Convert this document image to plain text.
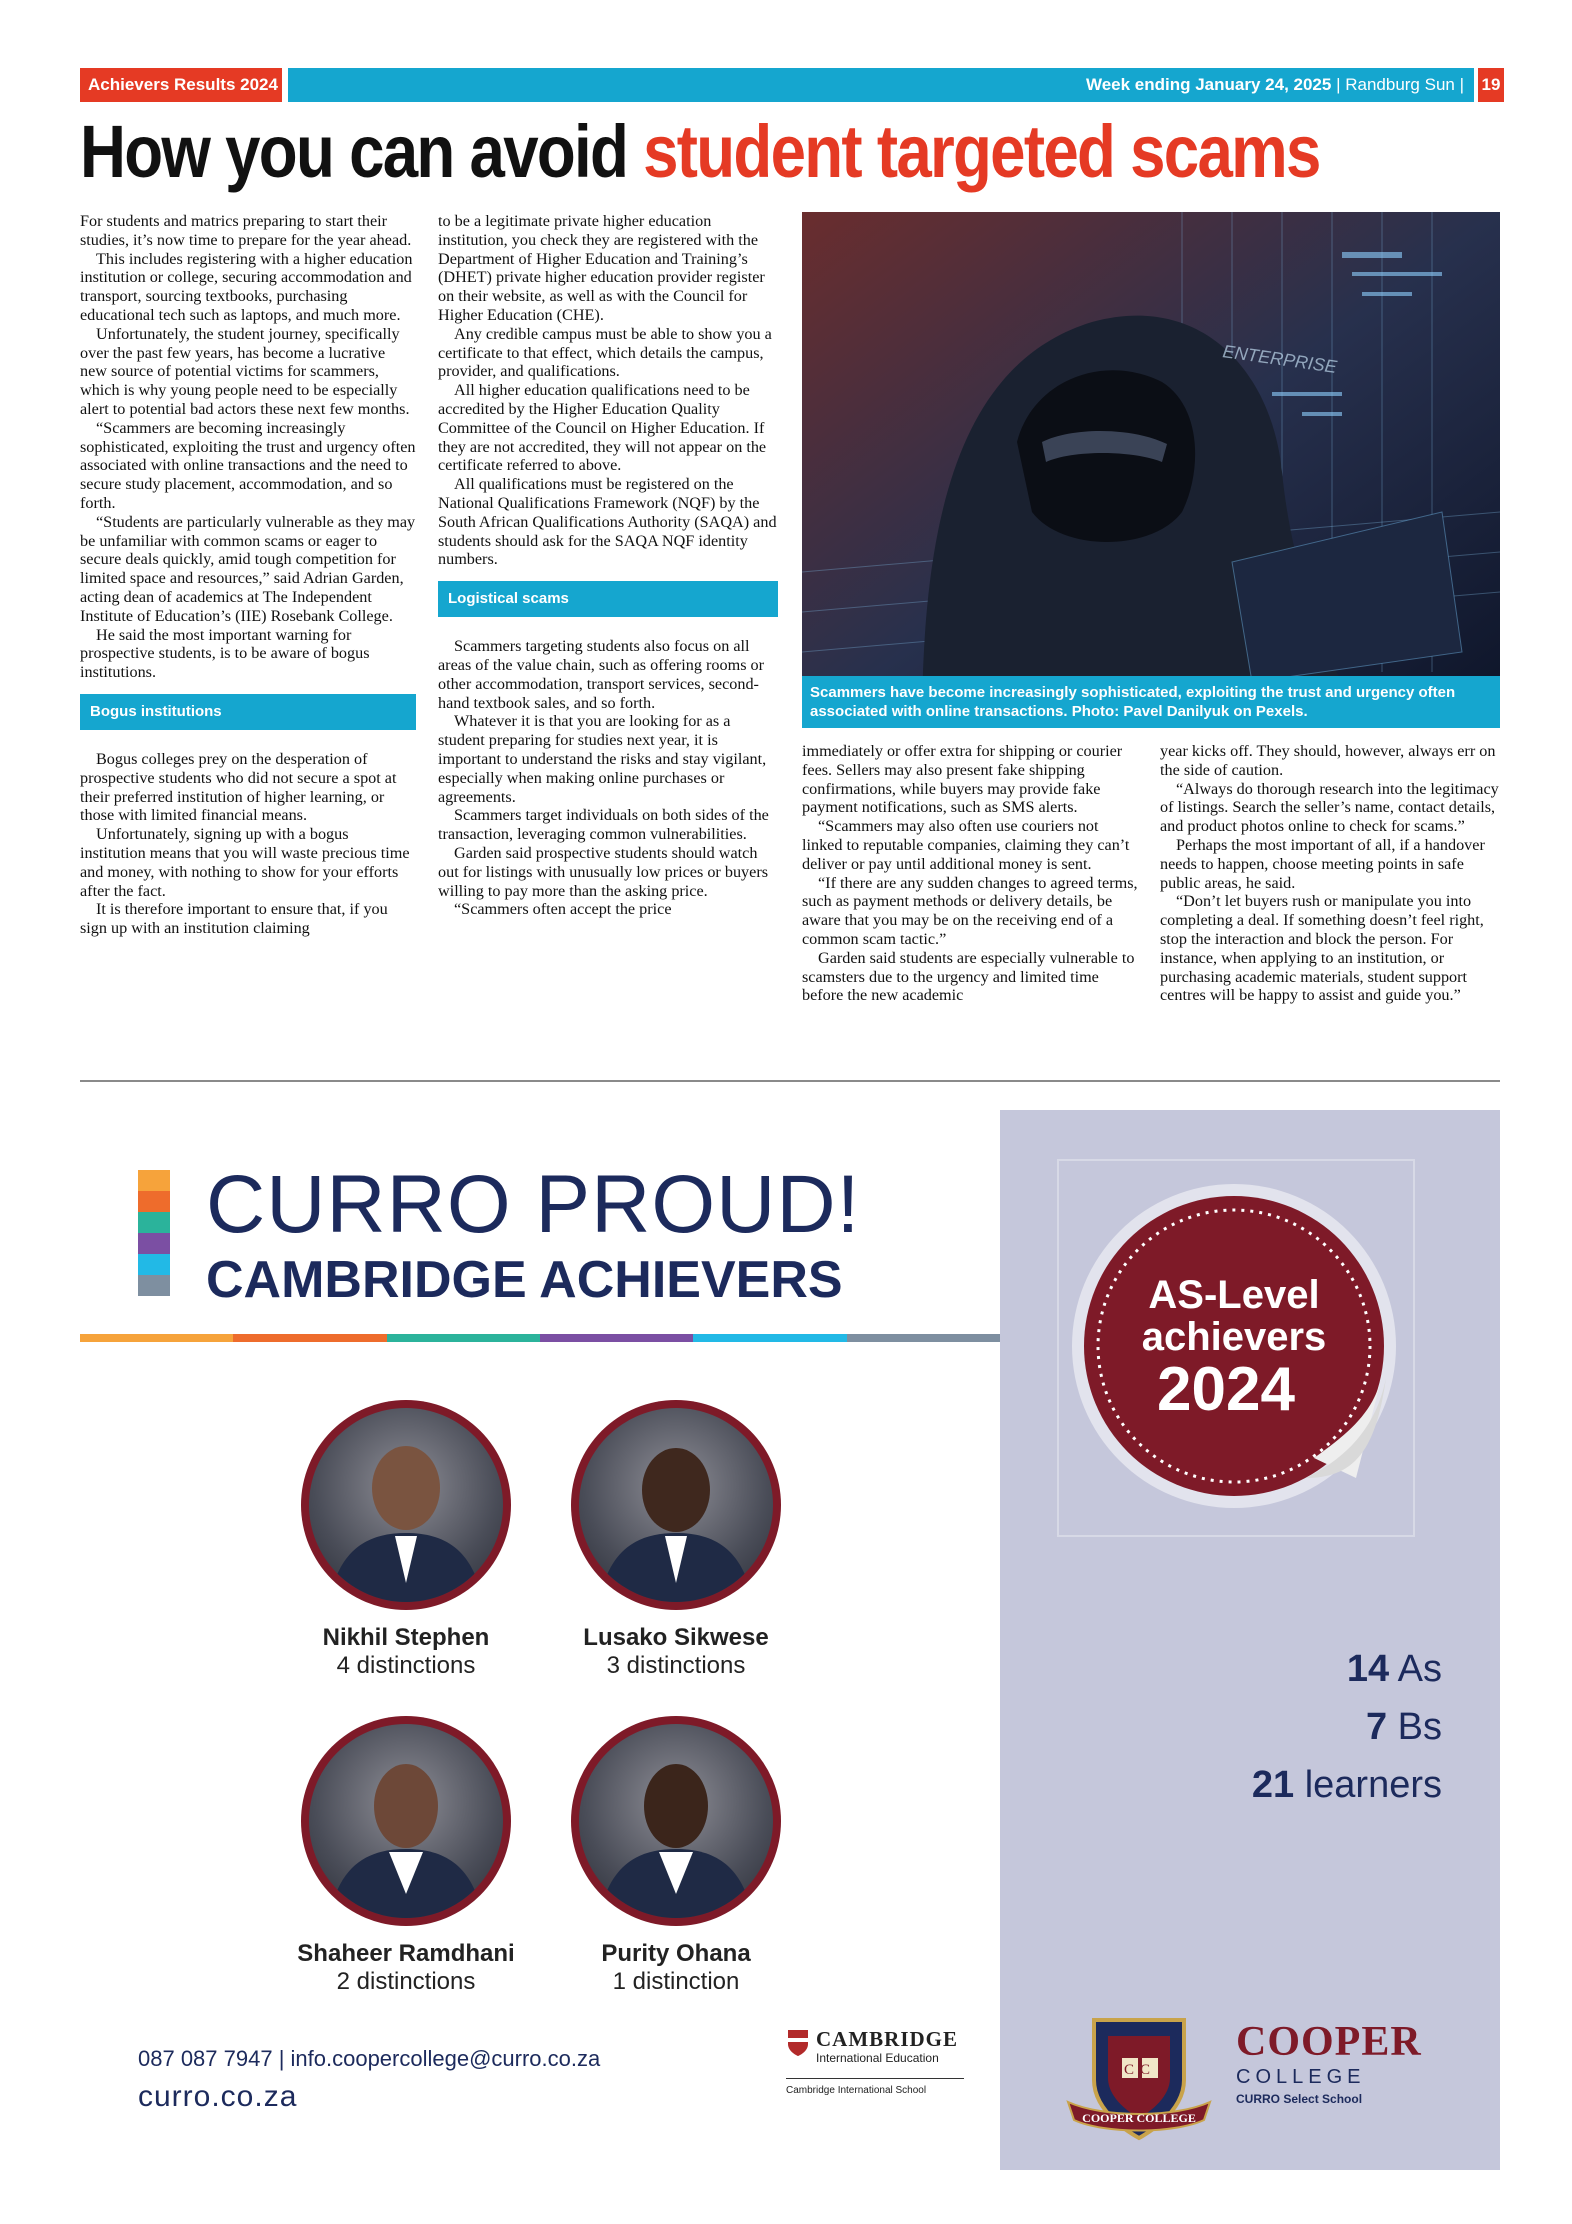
Achievers Results 2024	Week ending January 24, 2025 | Randburg Sun |	19
How you can avoid student targeted scams

For students and matrics preparing to start their studies, it’s now time to prepare for the year ahead.

This includes registering with a higher education institution or college, securing accommodation and transport, sourcing textbooks, purchasing educational tech such as laptops, and much more.

Unfortunately, the student journey, specifically over the past few years, has become a lucrative new source of potential victims for scammers, which is why young people need to be especially alert to potential bad actors these next few months.

“Scammers are becoming increasingly sophisticated, exploiting the trust and urgency often associated with online transactions and the need to secure study placement, accommodation, and so forth.

“Students are particularly vulnerable as they may be unfamiliar with common scams or eager to secure deals quickly, amid tough competition for limited space and resources,” said Adrian Garden, acting dean of academics at The Independent Institute of Education’s (IIE) Rosebank College.

He said the most important warning for prospective students, is to be aware of bogus institutions.

Bogus institutions

Bogus colleges prey on the desperation of prospective students who did not secure a spot at their preferred institution of higher learning, or those with limited financial means.

Unfortunately, signing up with a bogus institution means that you will waste precious time and money, with nothing to show for your efforts after the fact.

It is therefore important to ensure that, if you sign up with an institution claiming

to be a legitimate private higher education institution, you check they are registered with the Department of Higher Education and Training’s (DHET) private higher education provider register on their website, as well as with the Council for Higher Education (CHE).

Any credible campus must be able to show you a certificate to that effect, which details the campus, provider, and qualifications.

All higher education qualifications need to be accredited by the Higher Education Quality Committee of the Council on Higher Education. If they are not accredited, they will not appear on the certificate referred to above.

All qualifications must be registered on the National Qualifications Framework (NQF) by the South African Qualifications Authority (SAQA) and students should ask for the SAQA NQF identity numbers.

Logistical scams

Scammers targeting students also focus on all areas of the value chain, such as offering rooms or other accommodation, transport services, second-hand textbook sales, and so forth.

Whatever it is that you are looking for as a student preparing for studies next year, it is important to understand the risks and stay vigilant, especially when making online purchases or agreements.

Scammers target individuals on both sides of the transaction, leveraging common vulnerabilities.

Garden said prospective students should watch out for listings with unusually low prices or buyers willing to pay more than the asking price.

“Scammers often accept the price

ENTERPRISE
Scammers have become increasingly sophisticated, exploiting the trust and urgency often associated with online transactions. Photo: Pavel Danilyuk on Pexels.

immediately or offer extra for shipping or courier fees. Sellers may also present fake shipping confirmations, while buyers may provide fake payment notifications, such as SMS alerts.

“Scammers may also often use couriers not linked to reputable companies, claiming they can’t deliver or pay until additional money is sent.

“If there are any sudden changes to agreed terms, such as payment methods or delivery details, be aware that you may be on the receiving end of a common scam tactic.”

Garden said students are especially vulnerable to scamsters due to the urgency and limited time before the new academic

year kicks off. They should, however, always err on the side of caution.

“Always do thorough research into the legitimacy of listings. Search the seller’s name, contact details, and product photos online to check for scams.”

Perhaps the most important of all, if a handover needs to happen, choose meeting points in safe public areas, he said.

“Don’t let buyers rush or manipulate you into completing a deal. If something doesn’t feel right, stop the interaction and block the person. For instance, when applying to an institution, or purchasing academic materials, student support centres will be happy to assist and guide you.”

CURRO PROUD!
CAMBRIDGE ACHIEVERS	AS-Level
achievers
2024
Nikhil Stephen
4 distinctions
Lusako Sikwese
3 distinctions
Shaheer Ramdhani
2 distinctions
Purity Ohana
1 distinction
14 As
7 Bs
21 learners
087 087 7947 | info.coopercollege@curro.co.za
curro.co.za
CAMBRIDGE
International Education
Cambridge International School
CC
COOPER COLLEGE
COOPER
COLLEGE
CURRO Select School
